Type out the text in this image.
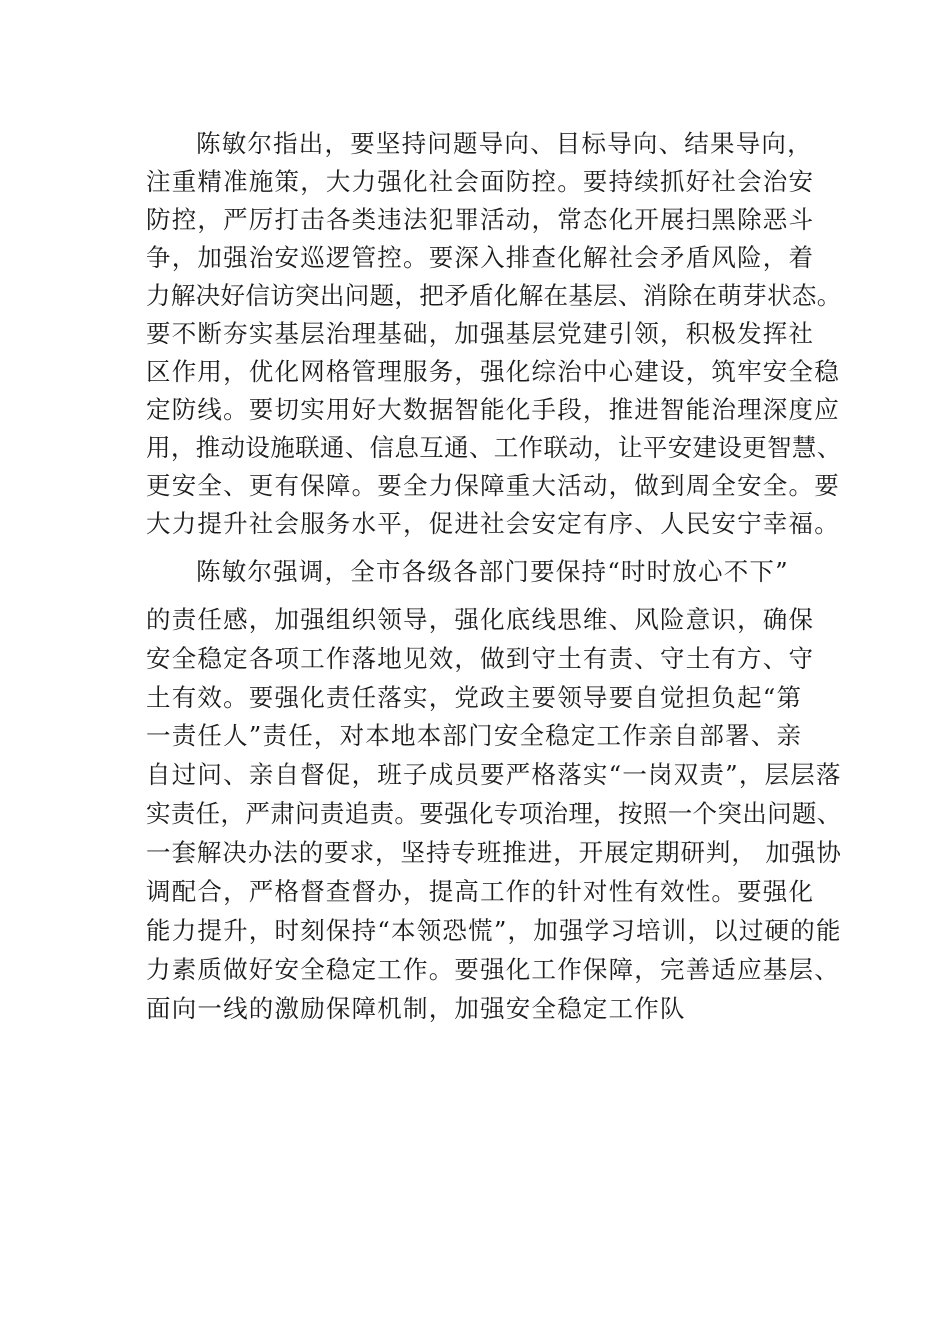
陈敏尔指出，要坚持问题导向、目标导向、结果导向，
注重精准施策，大力强化社会面防控。要持续抓好社会治安
防控，严厉打击各类违法犯罪活动，常态化开展扫黑除恶斗
争，加强治安巡逻管控。要深入排查化解社会矛盾风险，着
力解决好信访突出问题，把矛盾化解在基层、消除在萌芽状态。
要不断夯实基层治理基础，加强基层党建引领，积极发挥社
区作用，优化网格管理服务，强化综治中心建设，筑牢安全稳
定防线。要切实用好大数据智能化手段，推进智能治理深度应
用，推动设施联通、信息互通、工作联动，让平安建设更智慧、
更安全、更有保障。要全力保障重大活动，做到周全安全。要
大力提升社会服务水平，促进社会安定有序、人民安宁幸福。
陈敏尔强调，全市各级各部门要保持“时时放心不下”
的责任感，加强组织领导，强化底线思维、风险意识，确保
安全稳定各项工作落地见效，做到守土有责、守土有方、守
土有效。要强化责任落实，党政主要领导要自觉担负起“第
一责任人”责任，对本地本部门安全稳定工作亲自部署、亲
自过问、亲自督促，班子成员要严格落实“一岗双责”，层层落
实责任，严肃问责追责。要强化专项治理，按照一个突出问题、
一套解决办法的要求，坚持专班推进，开展定期研判， 加强协
调配合，严格督查督办，提高工作的针对性有效性。要强化
能力提升，时刻保持“本领恐慌”，加强学习培训，以过硬的能
力素质做好安全稳定工作。要强化工作保障，完善适应基层、
面向一线的激励保障机制，加强安全稳定工作队
